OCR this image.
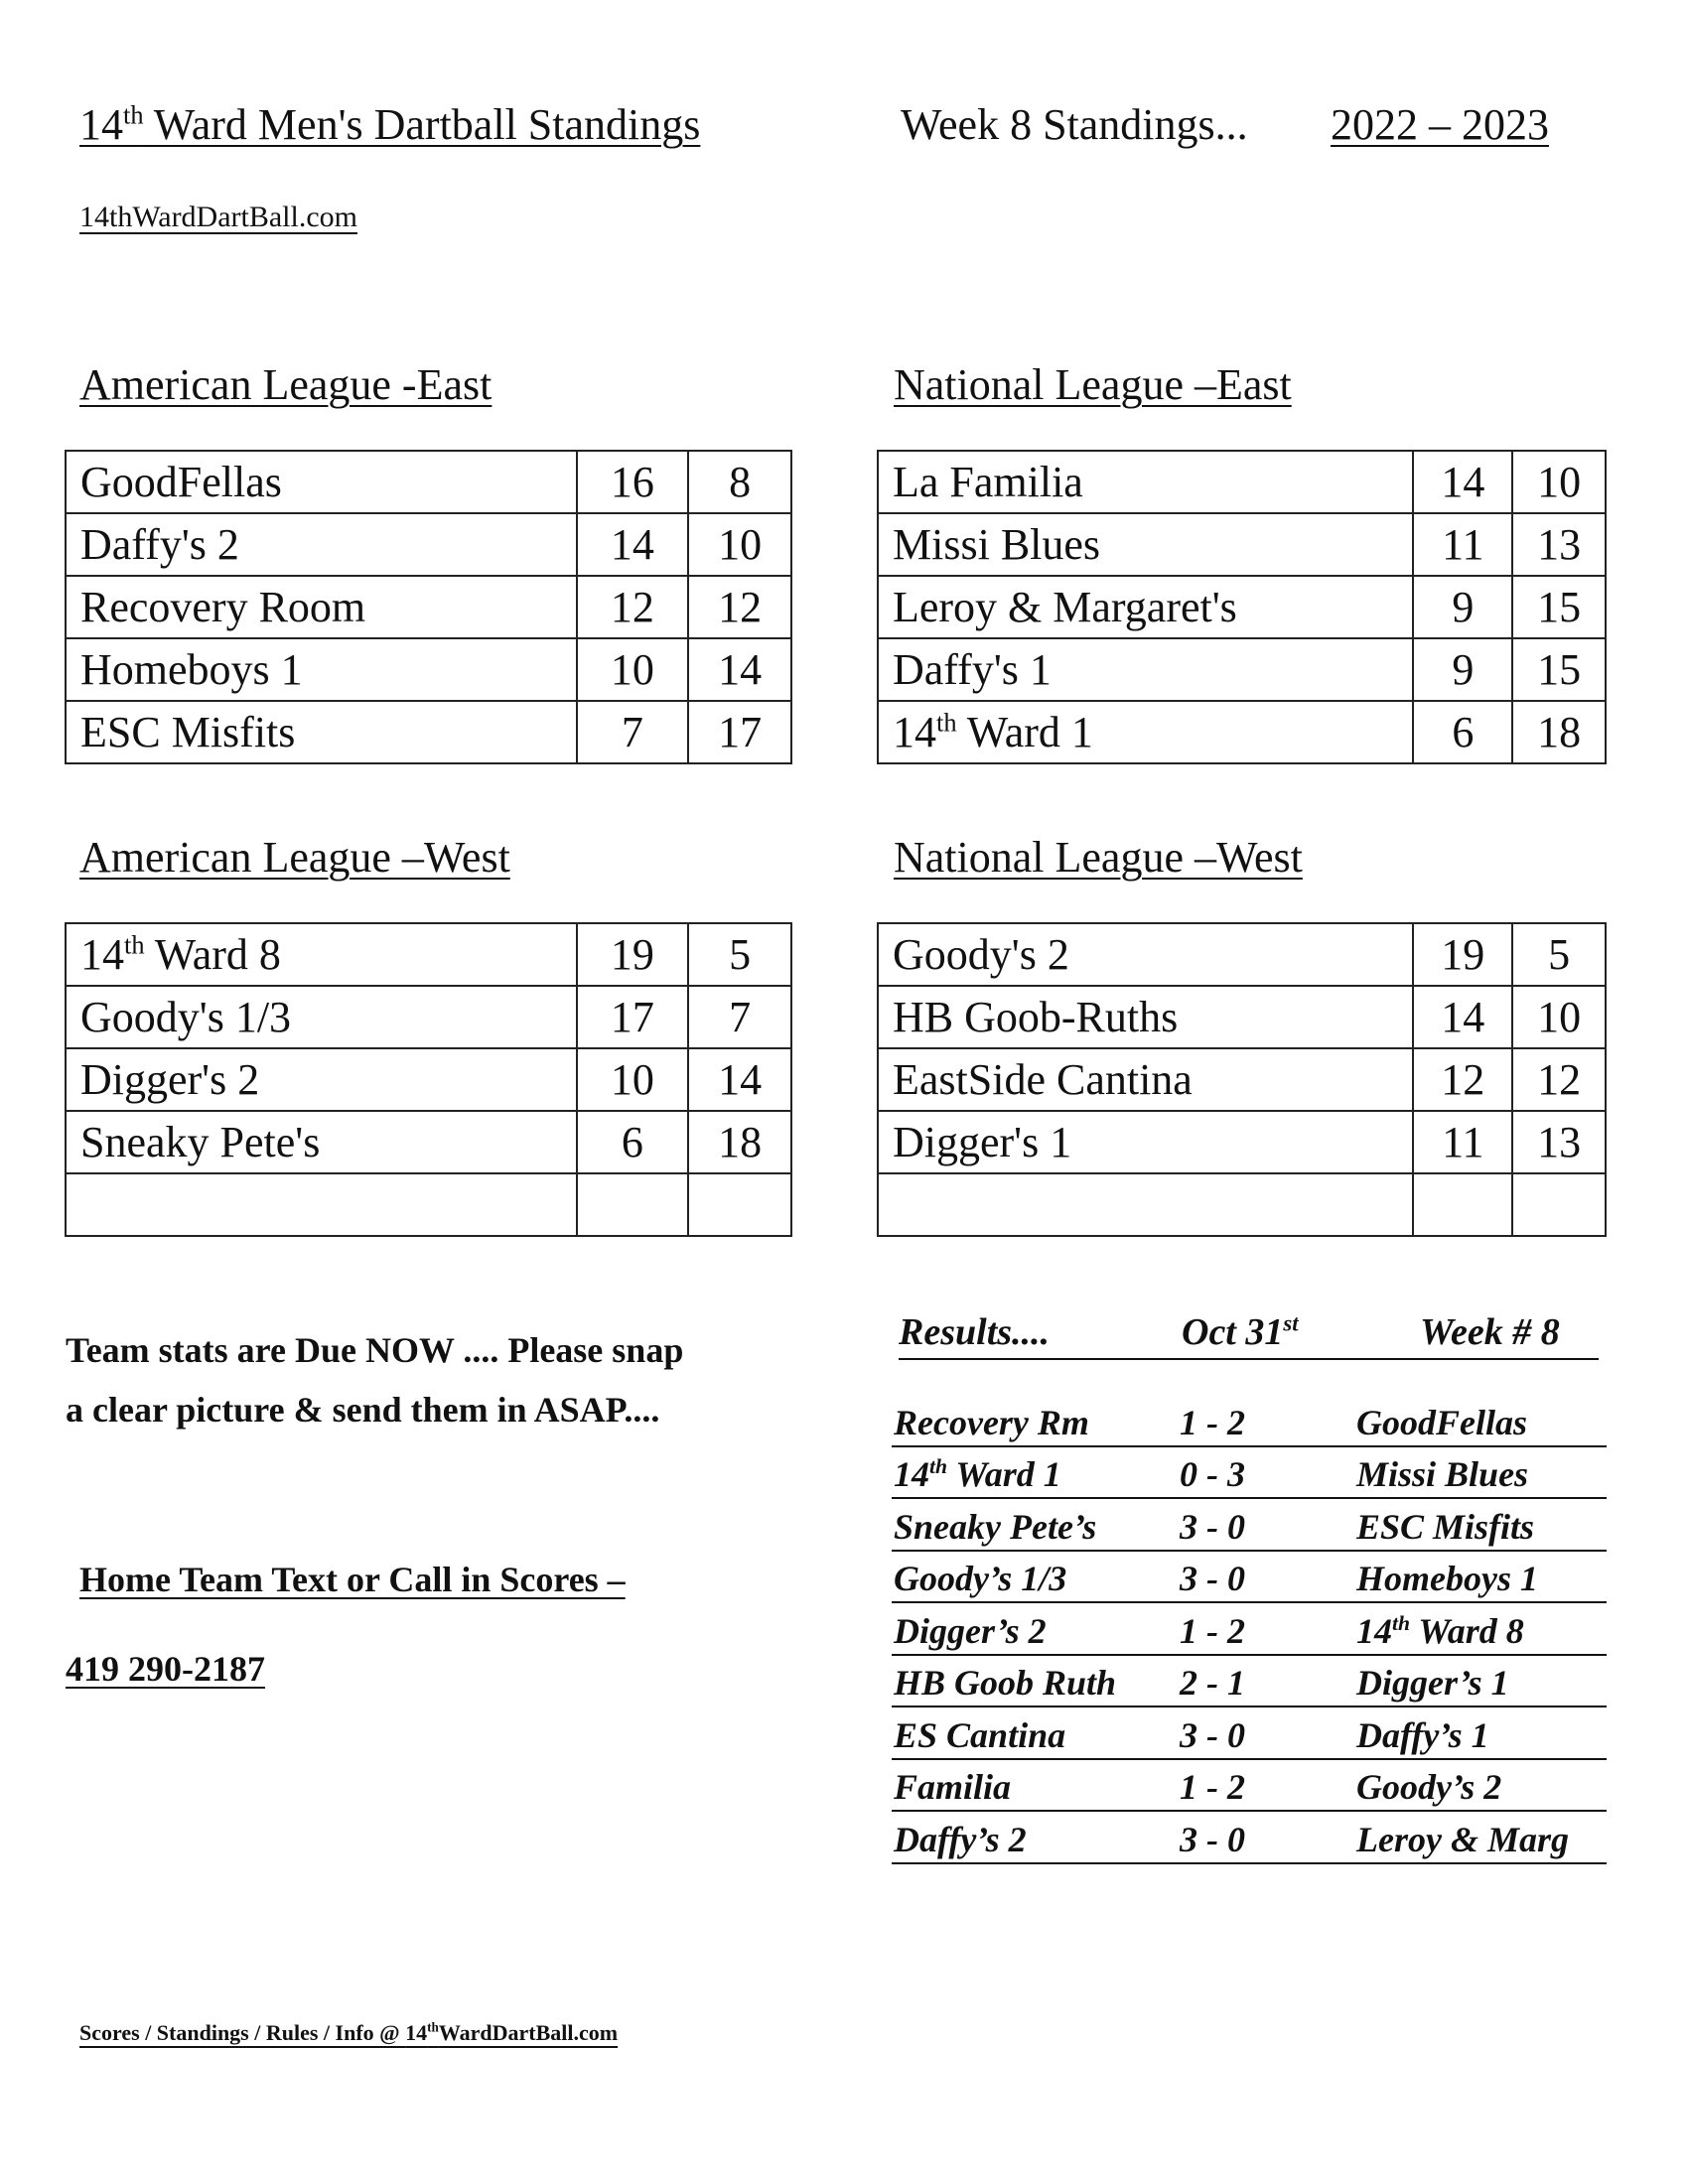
14th Ward Men's Dartball Standings	Week 8 Standings... 2022 – 2023
14thWardDartBall.com
American League -East
GoodFellas	16	8
Daffy's 2	14	10
Recovery Room	12	12
Homeboys 1	10	14
ESC Misfits	7	17
National League –East
La Familia	14	10
Missi Blues	11	13
Leroy & Margaret's	9	15
Daffy's 1	9	15
14th Ward 1	6	18
American League –West
14th Ward 8	19	5
Goody's 1/3	17	7
Digger's 2	10	14
Sneaky Pete's	6	18

National League –West
Goody's 2	19	5
HB Goob-Ruths	14	10
EastSide Cantina	12	12
Digger's 1	11	13

Team stats are Due NOW .... Please snap
a clear picture & send them in ASAP....
Home Team Text or Call in Scores –
419 290-2187
Results....	Oct 31st	Week # 8
Recovery Rm	1 - 2	GoodFellas
14th Ward 1	0 - 3	Missi Blues
Sneaky Pete’s 3 - 0	ESC Misfits
Goody’s 1/3	3 - 0	Homeboys 1
Digger’s 2	1 - 2	14th Ward 8
HB Goob Ruth 2 - 1	Digger’s 1
ES Cantina	3 - 0	Daffy’s 1
Familia	1 - 2	Goody’s 2
Daffy’s 2	3 - 0	Leroy & Marg
Scores / Standings / Rules / Info @ 14thWardDartBall.com
